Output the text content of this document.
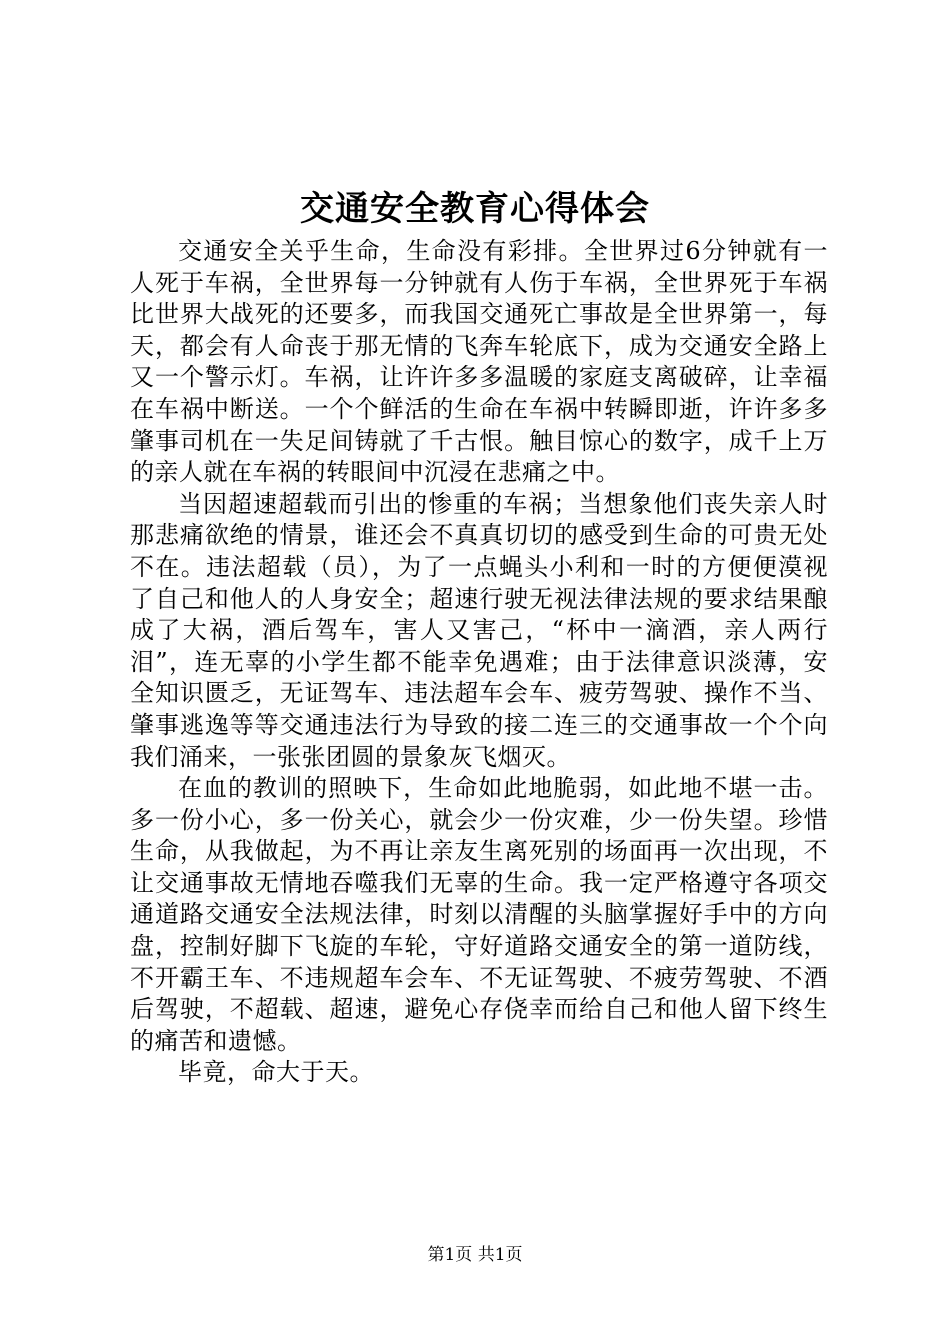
交通安全教育心得体会

交通安全关乎生命，生命没有彩排。全世界过6分钟就有一人死于车祸，全世界每一分钟就有人伤于车祸，全世界死于车祸比世界大战死的还要多，而我国交通死亡事故是全世界第一，每天，都会有人命丧于那无情的飞奔车轮底下，成为交通安全路上又一个警示灯。车祸，让许许多多温暖的家庭支离破碎，让幸福在车祸中断送。一个个鲜活的生命在车祸中转瞬即逝，许许多多肇事司机在一失足间铸就了千古恨。触目惊心的数字，成千上万的亲人就在车祸的转眼间中沉浸在悲痛之中。

当因超速超载而引出的惨重的车祸；当想象他们丧失亲人时那悲痛欲绝的情景，谁还会不真真切切的感受到生命的可贵无处不在。违法超载（员），为了一点蝇头小利和一时的方便便漠视了自己和他人的人身安全；超速行驶无视法律法规的要求结果酿成了大祸，酒后驾车，害人又害己，“杯中一滴酒，亲人两行泪”，连无辜的小学生都不能幸免遇难；由于法律意识淡薄，安全知识匮乏，无证驾车、违法超车会车、疲劳驾驶、操作不当、肇事逃逸等等交通违法行为导致的接二连三的交通事故一个个向我们涌来，一张张团圆的景象灰飞烟灭。

在血的教训的照映下，生命如此地脆弱，如此地不堪一击。多一份小心，多一份关心，就会少一份灾难，少一份失望。珍惜生命，从我做起，为不再让亲友生离死别的场面再一次出现，不让交通事故无情地吞噬我们无辜的生命。我一定严格遵守各项交通道路交通安全法规法律，时刻以清醒的头脑掌握好手中的方向盘，控制好脚下飞旋的车轮，守好道路交通安全的第一道防线，不开霸王车、不违规超车会车、不无证驾驶、不疲劳驾驶、不酒后驾驶，不超载、超速，避免心存侥幸而给自己和他人留下终生的痛苦和遗憾。

毕竟，命大于天。

第1页 共1页
